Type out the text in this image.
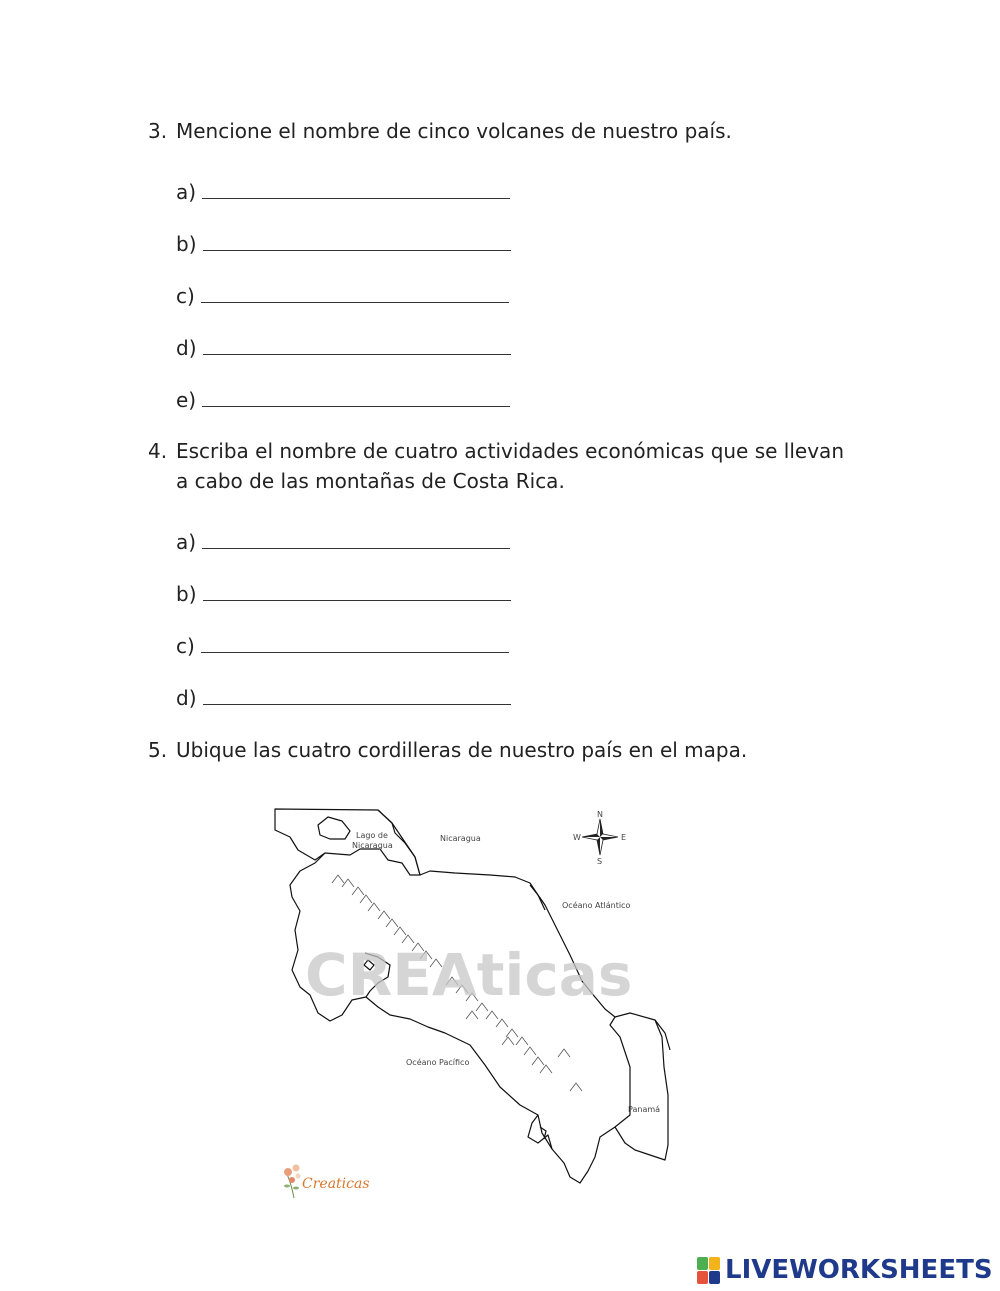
3. Mencione el nombre de cinco volcanes de nuestro país.

a)
b)
c)
d)
e)
4. Escriba el nombre de cuatro actividades económicas que se llevan
a cabo de las montañas de Costa Rica.
a)
b)
c)
d)

5. Ubique las cuatro cordilleras de nuestro país en el mapa.

CREAticas
N
S
E
W
Lago de
Nicaragua
Nicaragua
Océano Atlántico
Océano Pacífico
Panamá
Creaticas
LIVEWORKSHEETS
